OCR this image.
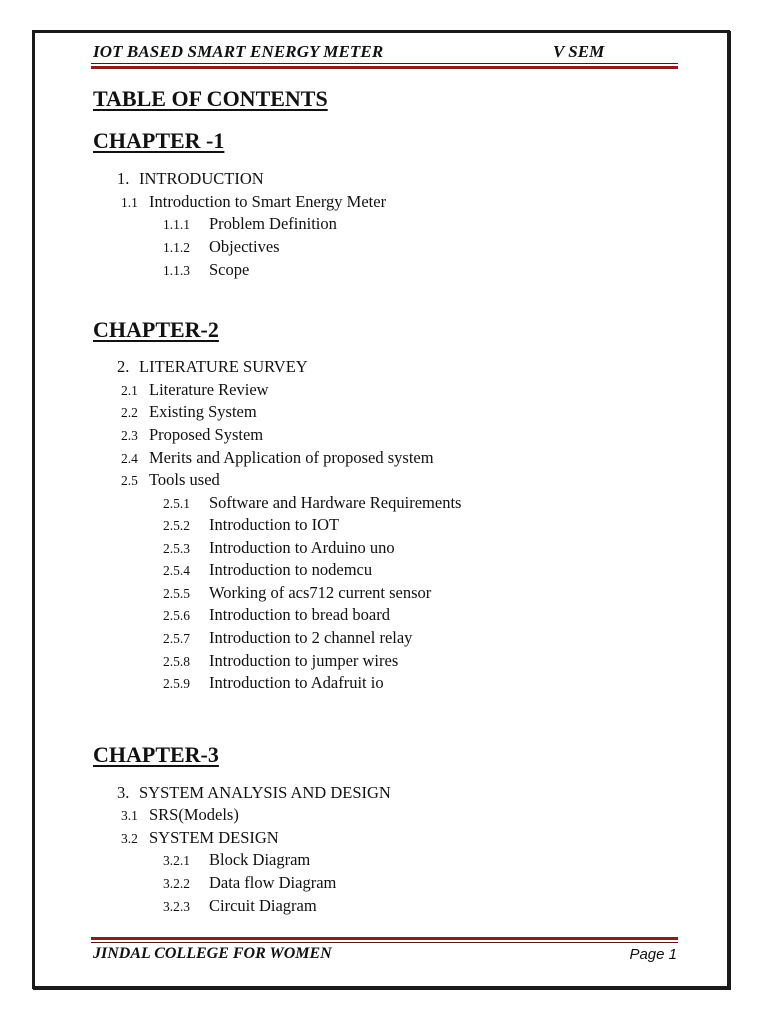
IOT BASED SMART ENERGY METER	V SEM
TABLE OF CONTENTS
CHAPTER -1
1. INTRODUCTION
1.1 Introduction to Smart Energy Meter
1.1.1 Problem Definition
1.1.2 Objectives
1.1.3 Scope
CHAPTER-2
2. LITERATURE SURVEY
2.1 Literature Review
2.2 Existing System
2.3 Proposed System
2.4 Merits and Application of proposed system
2.5 Tools used
2.5.1 Software and Hardware Requirements
2.5.2 Introduction to IOT
2.5.3 Introduction to Arduino uno
2.5.4 Introduction to nodemcu
2.5.5 Working of acs712 current sensor
2.5.6 Introduction to bread board
2.5.7 Introduction to 2 channel relay
2.5.8 Introduction to jumper wires
2.5.9 Introduction to Adafruit io
CHAPTER-3
3. SYSTEM ANALYSIS AND DESIGN
3.1 SRS(Models)
3.2 SYSTEM DESIGN
3.2.1 Block Diagram
3.2.2 Data flow Diagram
3.2.3 Circuit Diagram
JINDAL COLLEGE FOR WOMEN	Page 1
